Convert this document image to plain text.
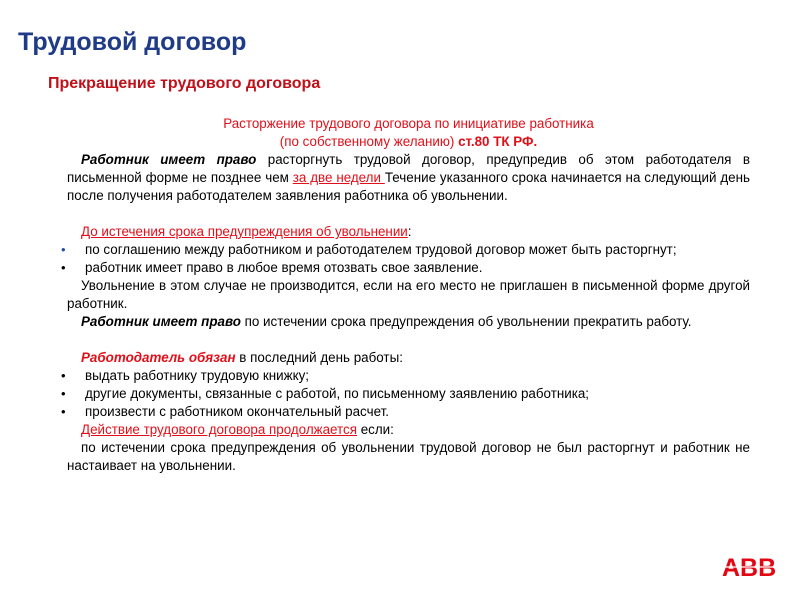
Трудовой договор
Прекращение трудового договора
Расторжение трудового договора по инициативе работника
(по собственному желанию) ст.80 ТК РФ.

Работник имеет право расторгнуть трудовой договор, предупредив об этом работодателя в письменной форме не позднее чем за две недели Течение указанного срока начинается на следующий день после получения работодателем заявления работника об увольнении.

До истечения срока предупреждения об увольнении:

• по соглашению между работником и работодателем трудовой договор может быть расторгнут;

• работник имеет право в любое время отозвать свое заявление.

Увольнение в этом случае не производится, если на его место не приглашен в письменной форме другой работник.

Работник имеет право по истечении срока предупреждения об увольнении прекратить работу.

Работодатель обязан в последний день работы:

• выдать работнику трудовую книжку;

• другие документы, связанные с работой, по письменному заявлению работника;

• произвести с работником окончательный расчет.

Действие трудового договора продолжается если:

по истечении срока предупреждения об увольнении трудовой договор не был расторгнут и работник не настаивает на увольнении.

ABB
